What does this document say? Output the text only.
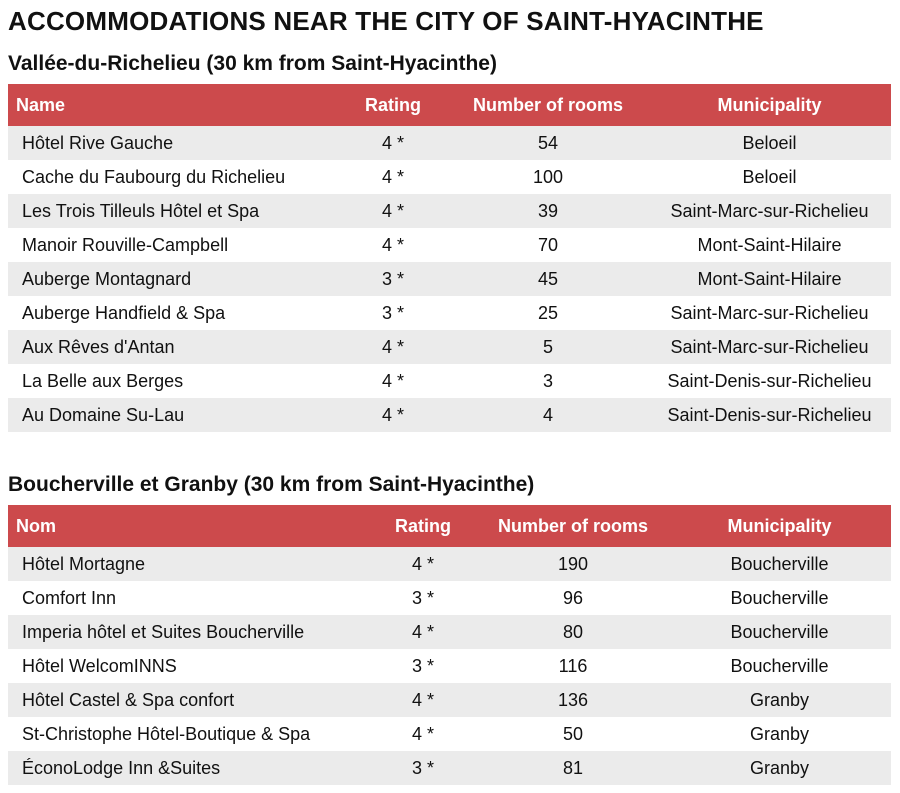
ACCOMMODATIONS NEAR THE CITY OF SAINT-HYACINTHE
Vallée-du-Richelieu (30 km from Saint-Hyacinthe)
Name	Rating	Number of rooms	Municipality
Hôtel Rive Gauche	4 *	54	Beloeil
Cache du Faubourg du Richelieu	4 *	100	Beloeil
Les Trois Tilleuls Hôtel et Spa	4 *	39	Saint-Marc-sur-Richelieu
Manoir Rouville-Campbell	4 *	70	Mont-Saint-Hilaire
Auberge Montagnard	3 *	45	Mont-Saint-Hilaire
Auberge Handfield & Spa	3 *	25	Saint-Marc-sur-Richelieu
Aux Rêves d'Antan	4 *	5	Saint-Marc-sur-Richelieu
La Belle aux Berges	4 *	3	Saint-Denis-sur-Richelieu
Au Domaine Su-Lau	4 *	4	Saint-Denis-sur-Richelieu
Boucherville et Granby (30 km from Saint-Hyacinthe)
Nom	Rating	Number of rooms	Municipality
Hôtel Mortagne	4 *	190	Boucherville
Comfort Inn	3 *	96	Boucherville
Imperia hôtel et Suites Boucherville	4 *	80	Boucherville
Hôtel WelcomINNS	3 *	116	Boucherville
Hôtel Castel & Spa confort	4 *	136	Granby
St-Christophe Hôtel-Boutique & Spa	4 *	50	Granby
ÉconoLodge Inn &Suites	3 *	81	Granby
